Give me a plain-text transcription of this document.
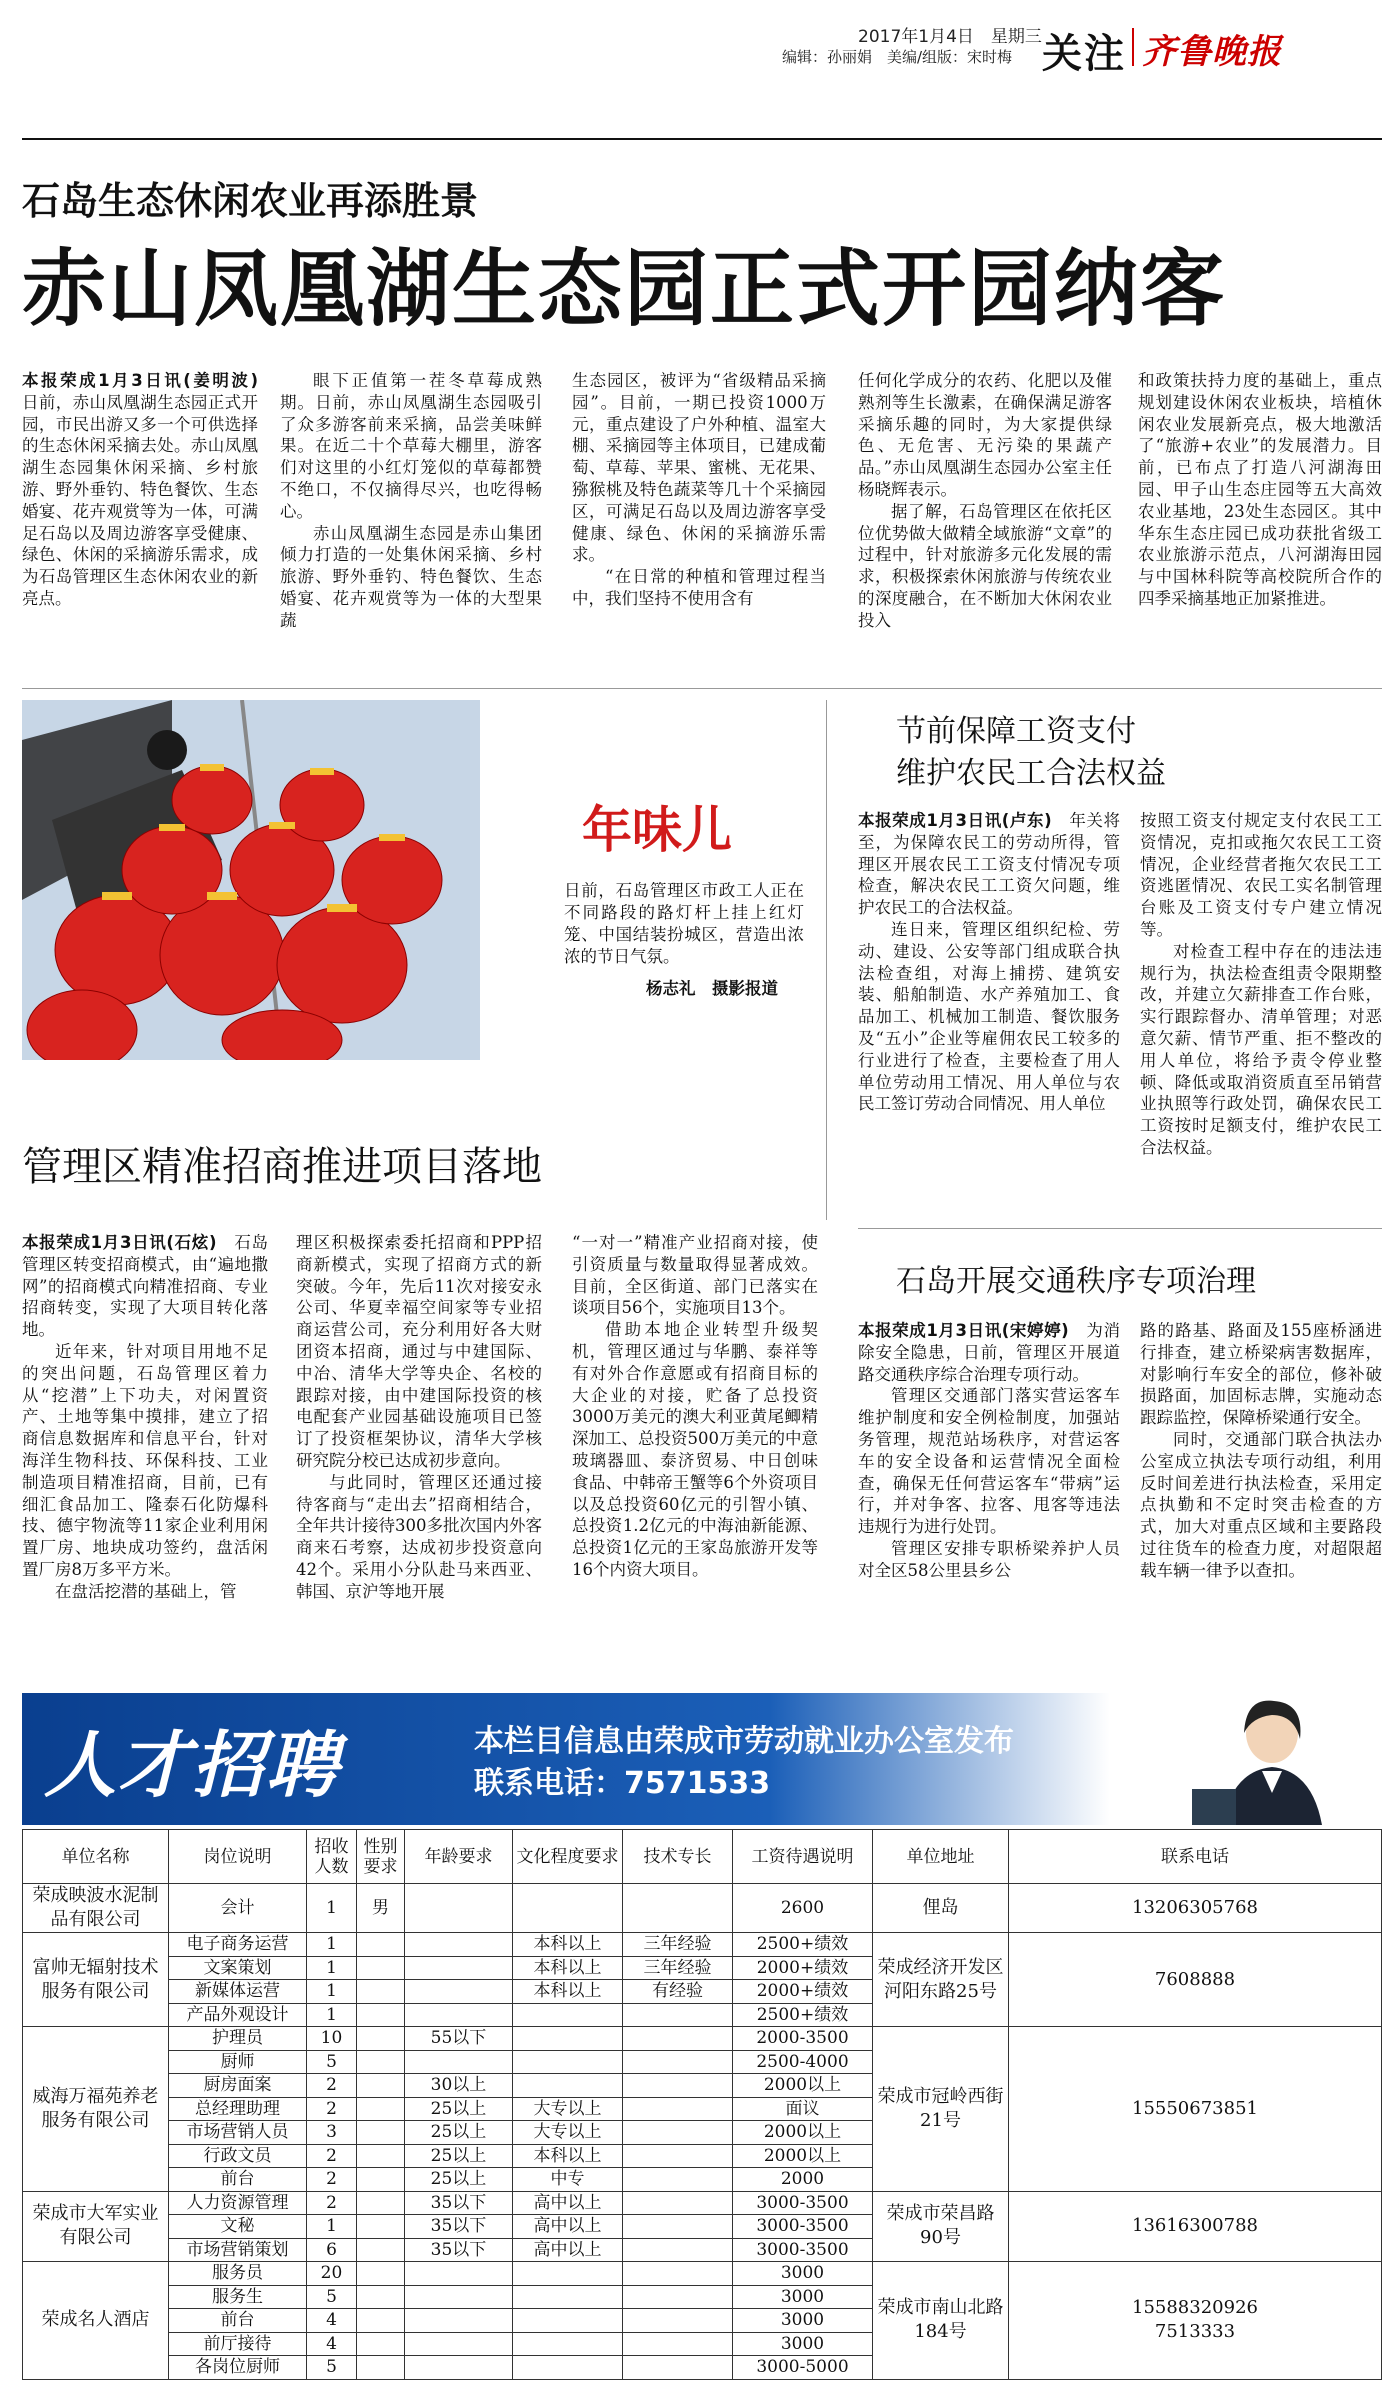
2017年1月4日　星期三
编辑：孙丽娟　美编/组版：宋时梅 关注 齐鲁晚报
石岛生态休闲农业再添胜景
赤山凤凰湖生态园正式开园纳客

本报荣成1月3日讯(姜明波)　日前，赤山凤凰湖生态园正式开园，市民出游又多一个可供选择的生态休闲采摘去处。赤山凤凰湖生态园集休闲采摘、乡村旅游、野外垂钓、特色餐饮、生态婚宴、花卉观赏等为一体，可满足石岛以及周边游客享受健康、绿色、休闲的采摘游乐需求，成为石岛管理区生态休闲农业的新亮点。

眼下正值第一茬冬草莓成熟期。日前，赤山凤凰湖生态园吸引了众多游客前来采摘，品尝美味鲜果。在近二十个草莓大棚里，游客们对这里的小红灯笼似的草莓都赞不绝口，不仅摘得尽兴，也吃得畅心。

赤山凤凰湖生态园是赤山集团倾力打造的一处集休闲采摘、乡村旅游、野外垂钓、特色餐饮、生态婚宴、花卉观赏等为一体的大型果蔬

生态园区，被评为“省级精品采摘园”。目前，一期已投资1000万元，重点建设了户外种植、温室大棚、采摘园等主体项目，已建成葡萄、草莓、苹果、蜜桃、无花果、猕猴桃及特色蔬菜等几十个采摘园区，可满足石岛以及周边游客享受健康、绿色、休闲的采摘游乐需求。

“在日常的种植和管理过程当中，我们坚持不使用含有

任何化学成分的农药、化肥以及催熟剂等生长激素，在确保满足游客采摘乐趣的同时，为大家提供绿色、无危害、无污染的果蔬产品。”赤山凤凰湖生态园办公室主任杨晓辉表示。

据了解，石岛管理区在依托区位优势做大做精全域旅游“文章”的过程中，针对旅游多元化发展的需求，积极探索休闲旅游与传统农业的深度融合，在不断加大休闲农业投入

和政策扶持力度的基础上，重点规划建设休闲农业板块，培植休闲农业发展新亮点，极大地激活了“旅游+农业”的发展潜力。目前，已布点了打造八河湖海田园、甲子山生态庄园等五大高效农业基地，23处生态园区。其中华东生态庄园已成功获批省级工农业旅游示范点，八河湖海田园与中国林科院等高校院所合作的四季采摘基地正加紧推进。

年味儿
日前，石岛管理区市政工人正在不同路段的路灯杆上挂上红灯笼、中国结装扮城区，营造出浓浓的节日气氛。
杨志礼　摄影报道
节前保障工资支付
维护农民工合法权益

本报荣成1月3日讯(卢东)　 年关将至，为保障农民工的劳动所得，管理区开展农民工工资支付情况专项检查，解决农民工工资欠问题，维护农民工的合法权益。

连日来，管理区组织纪检、劳动、建设、公安等部门组成联合执法检查组，对海上捕捞、建筑安装、船舶制造、水产养殖加工、食品加工、机械加工制造、餐饮服务及“五小”企业等雇佣农民工较多的行业进行了检查，主要检查了用人单位劳动用工情况、用人单位与农民工签订劳动合同情况、用人单位

按照工资支付规定支付农民工工资情况，克扣或拖欠农民工工资情况，企业经营者拖欠农民工工资逃匿情况、农民工实名制管理台账及工资支付专户建立情况等。

对检查工程中存在的违法违规行为，执法检查组责令限期整改，并建立欠薪排查工作台账，实行跟踪督办、清单管理；对恶意欠薪、情节严重、拒不整改的用人单位，将给予责令停业整顿、降低或取消资质直至吊销营业执照等行政处罚，确保农民工工资按时足额支付，维护农民工合法权益。

管理区精准招商推进项目落地

本报荣成1月3日讯(石炫)　 石岛管理区转变招商模式，由“遍地撒网”的招商模式向精准招商、专业招商转变，实现了大项目转化落地。

近年来，针对项目用地不足的突出问题，石岛管理区着力从“挖潜”上下功夫，对闲置资产、土地等集中摸排，建立了招商信息数据库和信息平台，针对海洋生物科技、环保科技、工业制造项目精准招商，目前，已有细汇食品加工、隆泰石化防爆科技、德宇物流等11家企业利用闲置厂房、地块成功签约，盘活闲置厂房8万多平方米。

在盘活挖潜的基础上，管

理区积极探索委托招商和PPP招商新模式，实现了招商方式的新突破。今年，先后11次对接安永公司、华夏幸福空间家等专业招商运营公司，充分利用好各大财团资本招商，通过与中建国际、中冶、清华大学等央企、名校的跟踪对接，由中建国际投资的核电配套产业园基础设施项目已签订了投资框架协议，清华大学核研究院分校已达成初步意向。

与此同时，管理区还通过接待客商与“走出去”招商相结合，全年共计接待300多批次国内外客商来石考察，达成初步投资意向42个。采用小分队赴马来西亚、韩国、京沪等地开展

“一对一”精准产业招商对接，使引资质量与数量取得显著成效。目前，全区街道、部门已落实在谈项目56个，实施项目13个。

借助本地企业转型升级契机，管理区通过与华鹏、泰祥等有对外合作意愿或有招商目标的大企业的对接，贮备了总投资3000万美元的澳大利亚黄尾鲫精深加工、总投资500万美元的中意玻璃器皿、泰济贸易、中日创味食品、中韩帝王蟹等6个外资项目以及总投资60亿元的引智小镇、总投资1.2亿元的中海油新能源、总投资1亿元的王家岛旅游开发等16个内资大项目。

石岛开展交通秩序专项治理

本报荣成1月3日讯(宋婷婷)　 为消除安全隐患，日前，管理区开展道路交通秩序综合治理专项行动。

管理区交通部门落实营运客车维护制度和安全例检制度，加强站务管理，规范站场秩序，对营运客车的安全设备和运营情况全面检查，确保无任何营运客车“带病”运行，并对争客、拉客、甩客等违法违规行为进行处罚。

管理区安排专职桥梁养护人员对全区58公里县乡公

路的路基、路面及155座桥涵进行排查，建立桥梁病害数据库，对影响行车安全的部位，修补破损路面，加固标志牌，实施动态跟踪监控，保障桥梁通行安全。

同时，交通部门联合执法办公室成立执法专项行动组，利用反时间差进行执法检查，采用定点执勤和不定时突击检查的方式，加大对重点区域和主要路段过往货车的检查力度，对超限超载车辆一律予以查扣。

人才招聘	本栏目信息由荣成市劳动就业办公室发布
联系电话：7571533
单位名称	岗位说明	招收人数	性别要求	年龄要求	文化程度要求	技术专长	工资待遇说明	单位地址	联系电话
荣成映波水泥制品有限公司	会计	1	男				2600	俚岛	13206305768
富帅无辐射技术服务有限公司	电子商务运营	1			本科以上	三年经验	2500+绩效	荣成经济开发区河阳东路25号	7608888
	文案策划	1			本科以上	三年经验	2000+绩效		
	新媒体运营	1			本科以上	有经验	2000+绩效		
	产品外观设计	1					2500+绩效		
威海万福苑养老服务有限公司	护理员	10		55以下			2000-3500	荣成市冠岭西街21号	15550673851
	厨师	5					2500-4000		
	厨房面案	2		30以上			2000以上		
	总经理助理	2		25以上	大专以上		面议		
	市场营销人员	3		25以上	大专以上		2000以上		
	行政文员	2		25以上	本科以上		2000以上		
	前台	2		25以上	中专		2000		
荣成市大军实业有限公司	人力资源管理	2		35以下	高中以上		3000-3500	荣成市荣昌路90号	13616300788
	文秘	1		35以下	高中以上		3000-3500		
	市场营销策划	6		35以下	高中以上		3000-3500		
荣成名人酒店	服务员	20					3000	荣成市南山北路184号	15588320926
7513333
	服务生	5					3000		
	前台	4					3000		
	前厅接待	4					3000		
	各岗位厨师	5					3000-5000		
